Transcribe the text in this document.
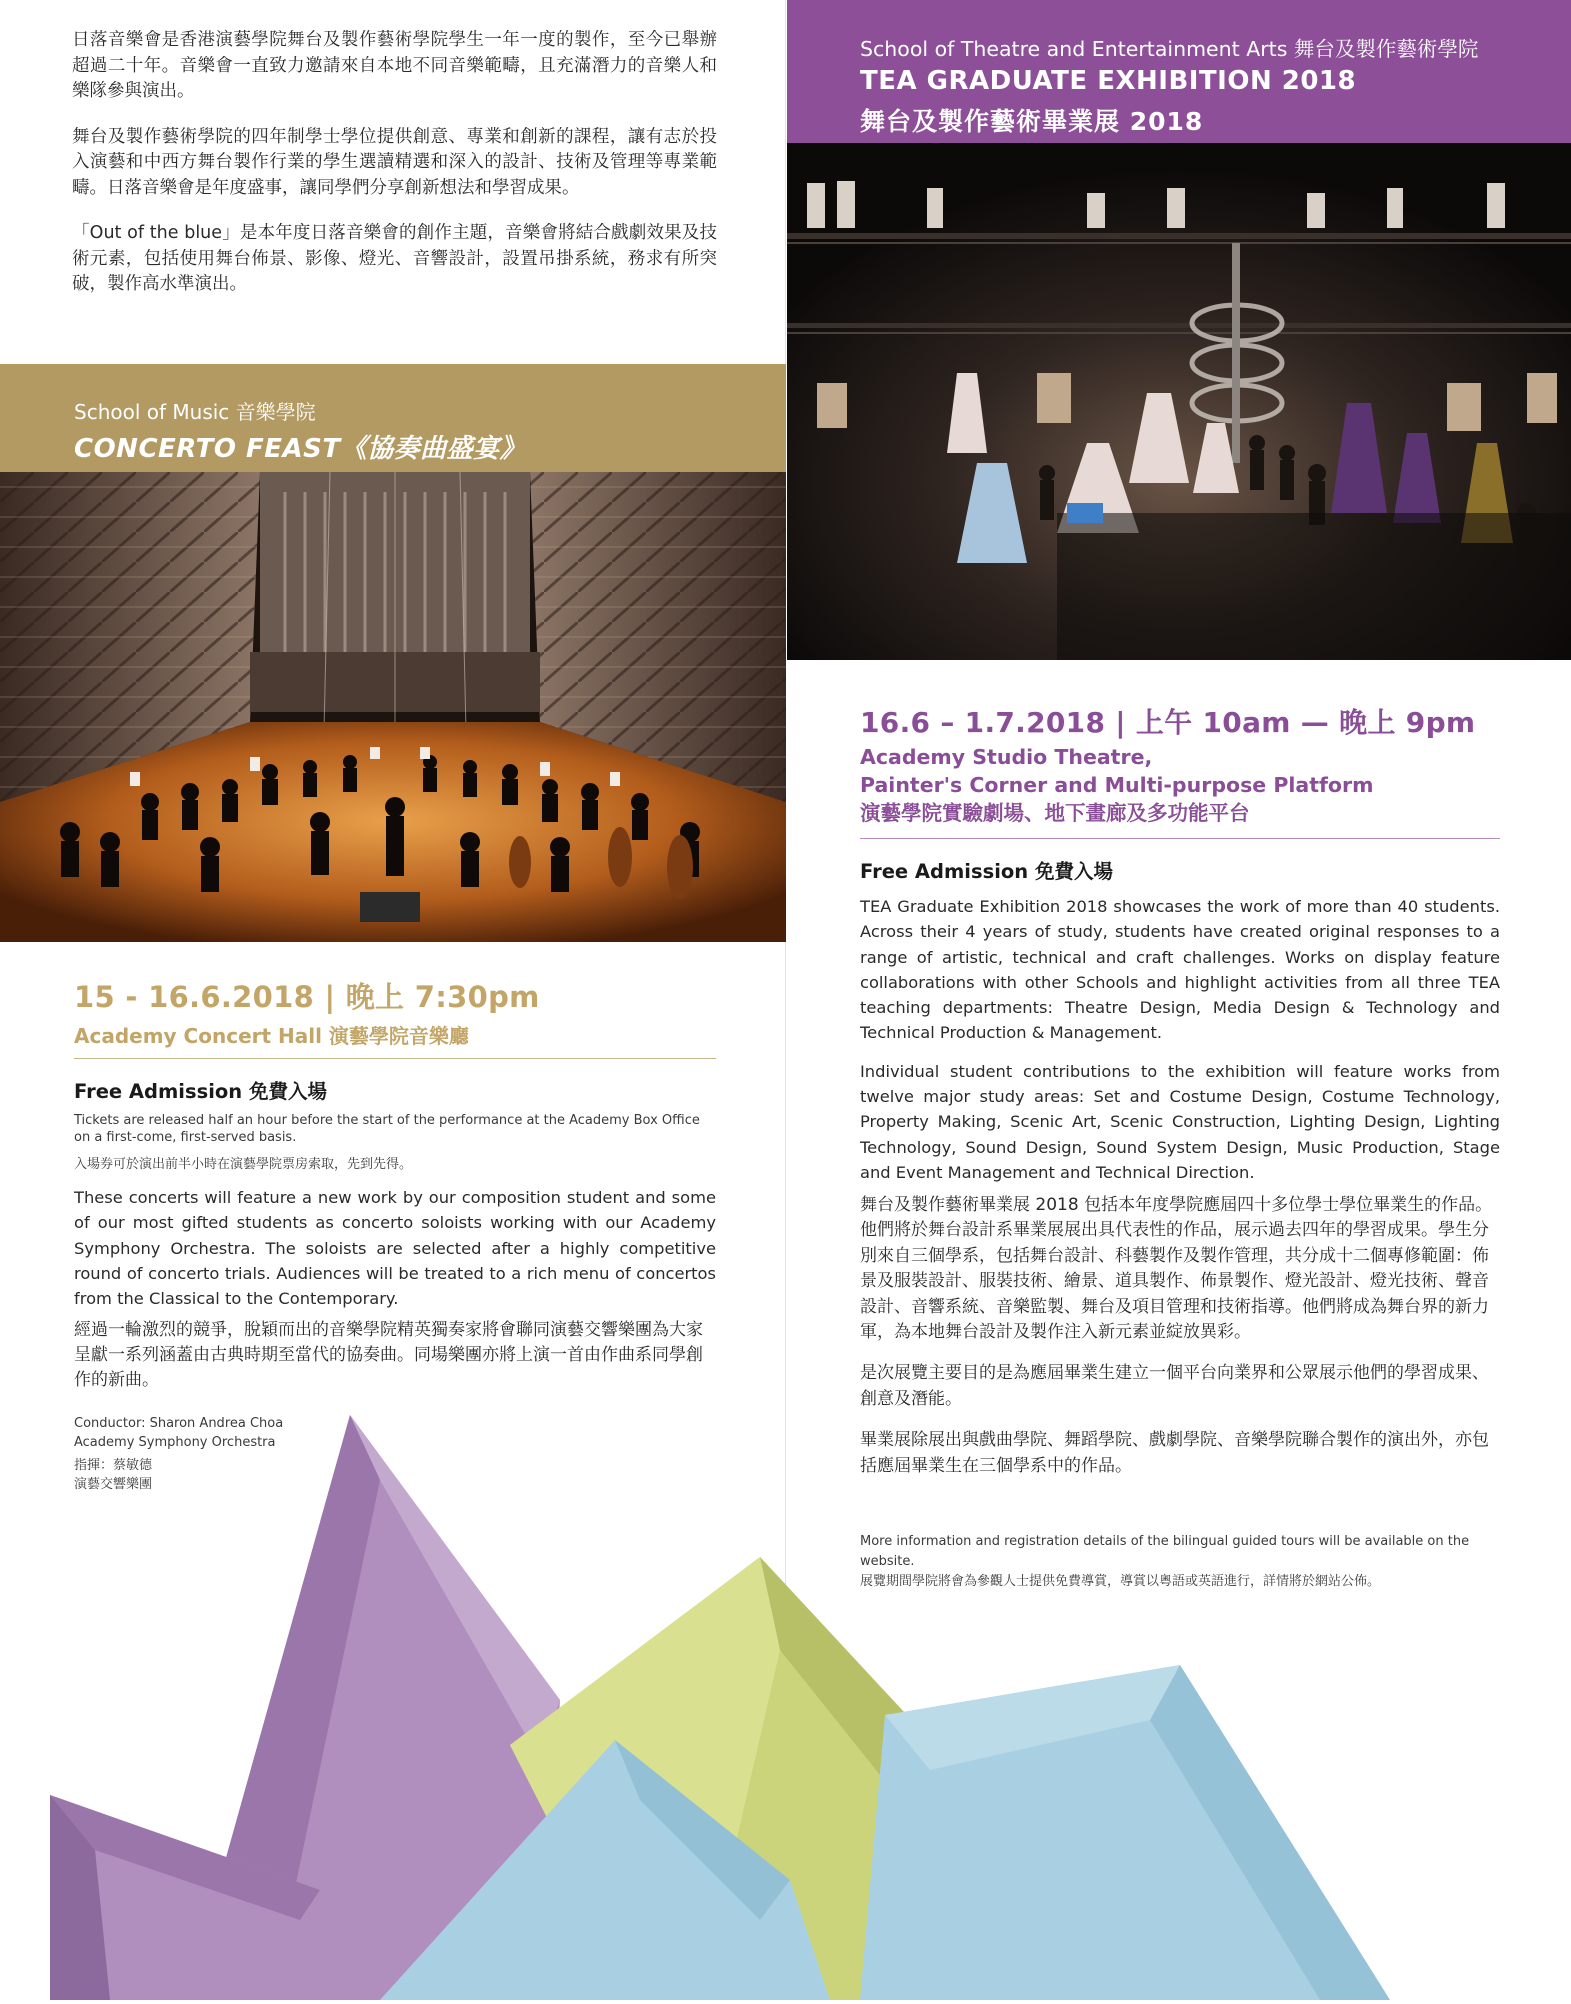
日落音樂會是香港演藝學院舞台及製作藝術學院學生一年一度的製作，至今已舉辦超過二十年。音樂會一直致力邀請來自本地不同音樂範疇，且充滿潛力的音樂人和樂隊參與演出。

舞台及製作藝術學院的四年制學士學位提供創意、專業和創新的課程，讓有志於投入演藝和中西方舞台製作行業的學生選讀精選和深入的設計、技術及管理等專業範疇。日落音樂會是年度盛事，讓同學們分享創新想法和學習成果。

「Out of the blue」是本年度日落音樂會的創作主題，音樂會將結合戲劇效果及技術元素，包括使用舞台佈景、影像、燈光、音響設計，設置吊掛系統，務求有所突破，製作高水準演出。

School of Music 音樂學院
CONCERTO FEAST《協奏曲盛宴》
15 - 16.6.2018 | 晚上 7:30pm
Academy Concert Hall 演藝學院音樂廳
Free Admission 免費入場
Tickets are released half an hour before the start of the performance at the Academy Box Office on a first-come, first-served basis.
入場券可於演出前半小時在演藝學院票房索取，先到先得。
These concerts will feature a new work by our composition student and some of our most gifted students as concerto soloists working with our Academy Symphony Orchestra. The soloists are selected after a highly competitive round of concerto trials. Audiences will be treated to a rich menu of concertos from the Classical to the Contemporary.
經過一輪激烈的競爭，脫穎而出的音樂學院精英獨奏家將會聯同演藝交響樂團為大家呈獻一系列涵蓋由古典時期至當代的協奏曲。同場樂團亦將上演一首由作曲系同學創作的新曲。
Conductor: Sharon Andrea Choa
Academy Symphony Orchestra
指揮：蔡敏德
演藝交響樂團
School of Theatre and Entertainment Arts 舞台及製作藝術學院
TEA GRADUATE EXHIBITION 2018
舞台及製作藝術畢業展 2018
16.6 – 1.7.2018 | 上午 10am — 晚上 9pm
Academy Studio Theatre,
Painter's Corner and Multi-purpose Platform
演藝學院實驗劇場、地下畫廊及多功能平台
Free Admission 免費入場

TEA Graduate Exhibition 2018 showcases the work of more than 40 students. Across their 4 years of study, students have created original responses to a range of artistic, technical and craft challenges. Works on display feature collaborations with other Schools and highlight activities from all three TEA teaching departments: Theatre Design, Media Design & Technology and Technical Production & Management.

Individual student contributions to the exhibition will feature works from twelve major study areas: Set and Costume Design, Costume Technology, Property Making, Scenic Art, Scenic Construction, Lighting Design, Lighting Technology, Sound Design, Sound System Design, Music Production, Stage and Event Management and Technical Direction.

舞台及製作藝術畢業展 2018 包括本年度學院應屆四十多位學士學位畢業生的作品。他們將於舞台設計系畢業展展出具代表性的作品，展示過去四年的學習成果。學生分別來自三個學系，包括舞台設計、科藝製作及製作管理，共分成十二個專修範圍：佈景及服裝設計、服裝技術、繪景、道具製作、佈景製作、燈光設計、燈光技術、聲音設計、音響系統、音樂監製、舞台及項目管理和技術指導。他們將成為舞台界的新力軍，為本地舞台設計及製作注入新元素並綻放異彩。

是次展覽主要目的是為應屆畢業生建立一個平台向業界和公眾展示他們的學習成果、創意及潛能。

畢業展除展出與戲曲學院、舞蹈學院、戲劇學院、音樂學院聯合製作的演出外，亦包括應屆畢業生在三個學系中的作品。

More information and registration details of the bilingual guided tours will be available on the website.
展覽期間學院將會為參觀人士提供免費導賞，導賞以粵語或英語進行，詳情將於網站公佈。
